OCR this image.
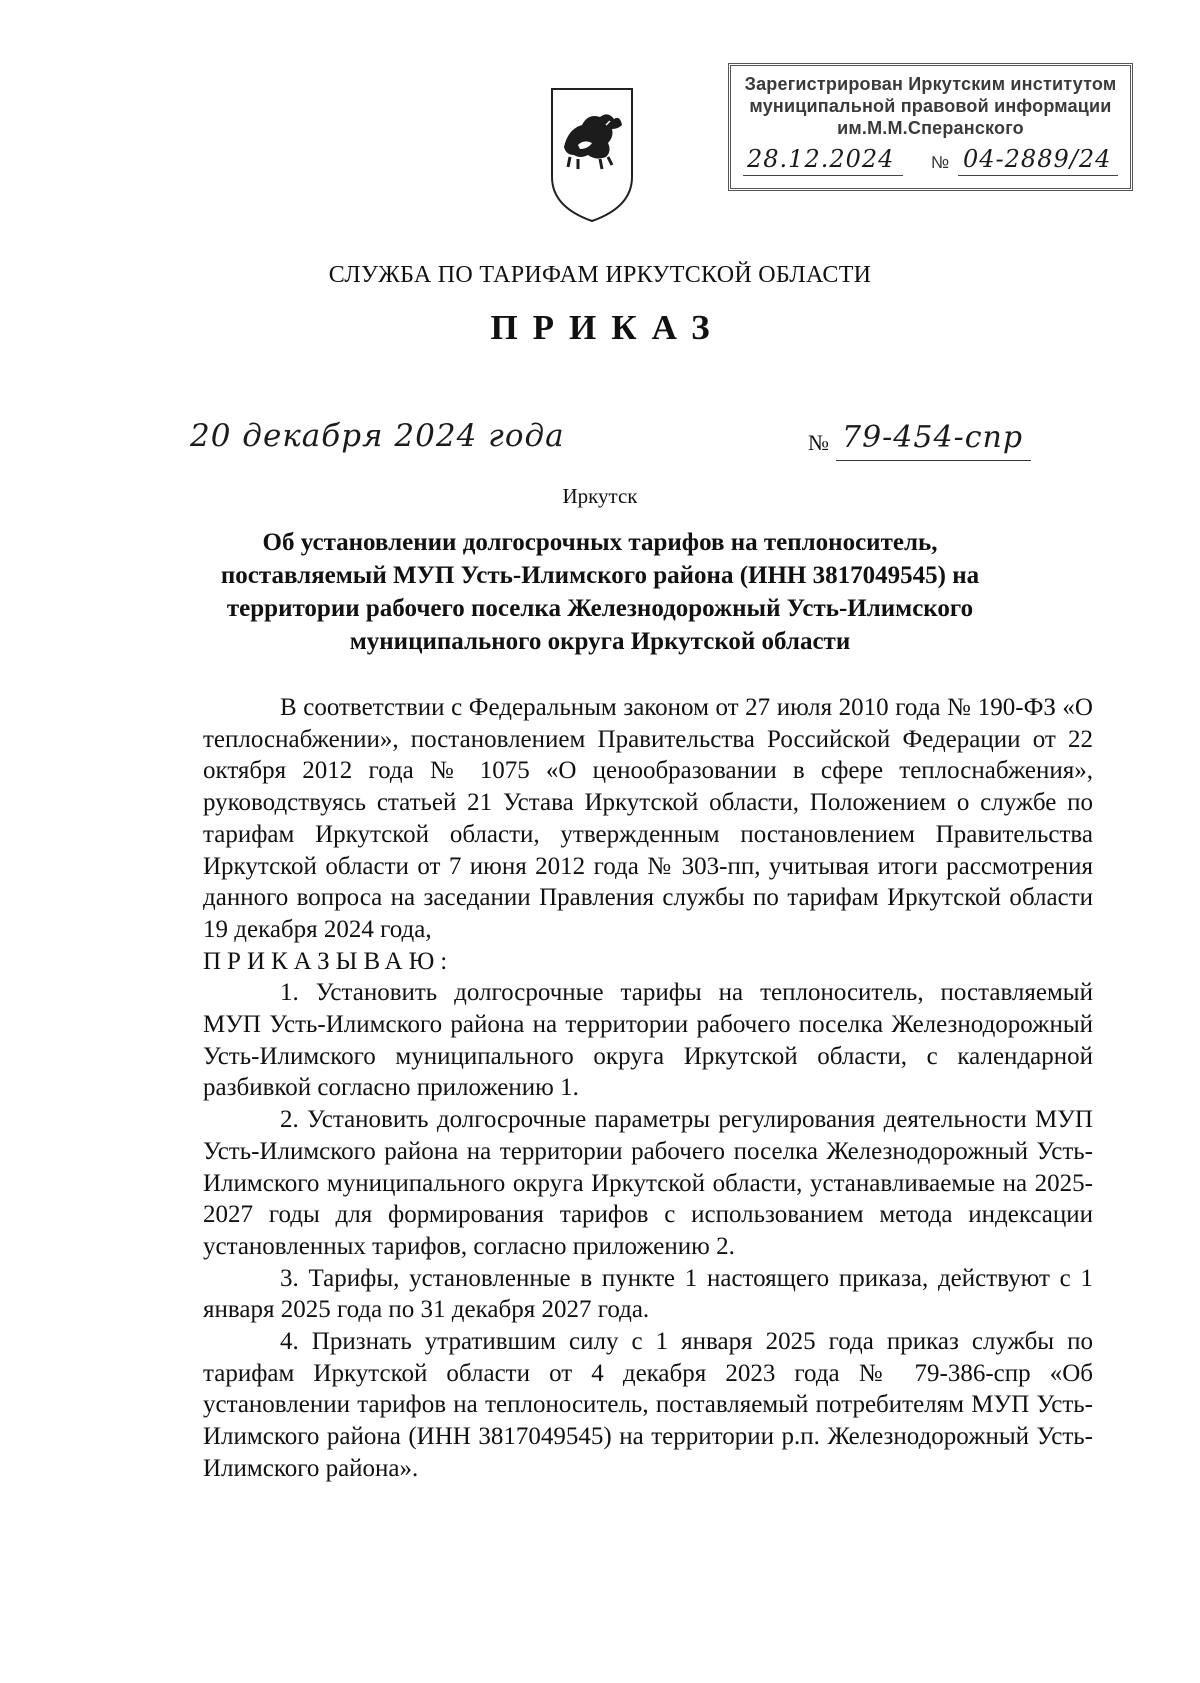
Зарегистрирован Иркутским институтом
муниципальной правовой информации
им.М.М.Сперанского
28.12.2024 № 04-2889/24
СЛУЖБА ПО ТАРИФАМ ИРКУТСКОЙ ОБЛАСТИ
ПРИКАЗ
20 декабря 2024 года	№ 79-454-спр
Иркутск
Об установлении долгосрочных тарифов на теплоноситель, поставляемый МУП Усть-Илимского района (ИНН 3817049545) на территории рабочего поселка Железнодорожный Усть-Илимского муниципального округа Иркутской области

В соответствии с Федеральным законом от 27 июля 2010 года № 190-ФЗ «О теплоснабжении», постановлением Правительства Российской Федерации от 22 октября 2012 года № 1075 «О ценообразовании в сфере теплоснабжения», руководствуясь статьей 21 Устава Иркутской области, Положением о службе по тарифам Иркутской области, утвержденным постановлением Правительства Иркутской области от 7 июня 2012 года № 303-пп, учитывая итоги рассмотрения данного вопроса на заседании Правления службы по тарифам Иркутской области 19 декабря 2024 года,

ПРИКАЗЫВАЮ:

1. Установить долгосрочные тарифы на теплоноситель, поставляемый МУП Усть-Илимского района на территории рабочего поселка Железнодорожный Усть-Илимского муниципального округа Иркутской области, с календарной разбивкой согласно приложению 1.

2. Установить долгосрочные параметры регулирования деятельности МУП Усть-Илимского района на территории рабочего поселка Железнодорожный Усть-Илимского муниципального округа Иркутской области, устанавливаемые на 2025-2027 годы для формирования тарифов с использованием метода индексации установленных тарифов, согласно приложению 2.

3. Тарифы, установленные в пункте 1 настоящего приказа, действуют с 1 января 2025 года по 31 декабря 2027 года.

4. Признать утратившим силу с 1 января 2025 года приказ службы по тарифам Иркутской области от 4 декабря 2023 года № 79-386-спр «Об установлении тарифов на теплоноситель, поставляемый потребителям МУП Усть-Илимского района (ИНН 3817049545) на территории р.п. Железнодорожный Усть-Илимского района».
